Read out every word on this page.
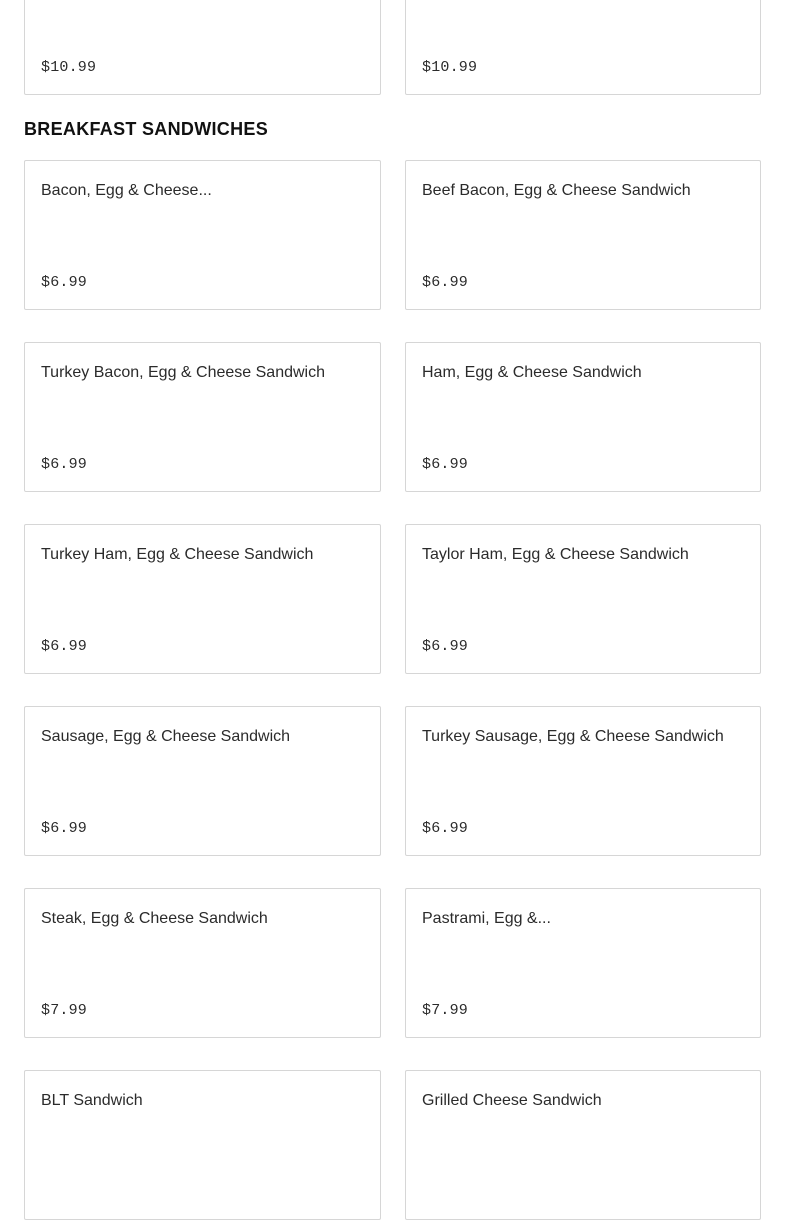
$10.99	$10.99
BREAKFAST SANDWICHES
Bacon, Egg & Cheese...
$6.99
Beef Bacon, Egg & Cheese Sandwich
$6.99
Turkey Bacon, Egg & Cheese Sandwich
$6.99
Ham, Egg & Cheese Sandwich
$6.99
Turkey Ham, Egg & Cheese Sandwich
$6.99
Taylor Ham, Egg & Cheese Sandwich
$6.99
Sausage, Egg & Cheese Sandwich
$6.99
Turkey Sausage, Egg & Cheese Sandwich
$6.99
Steak, Egg & Cheese Sandwich
$7.99
Pastrami, Egg &...
$7.99
BLT Sandwich	Grilled Cheese Sandwich
